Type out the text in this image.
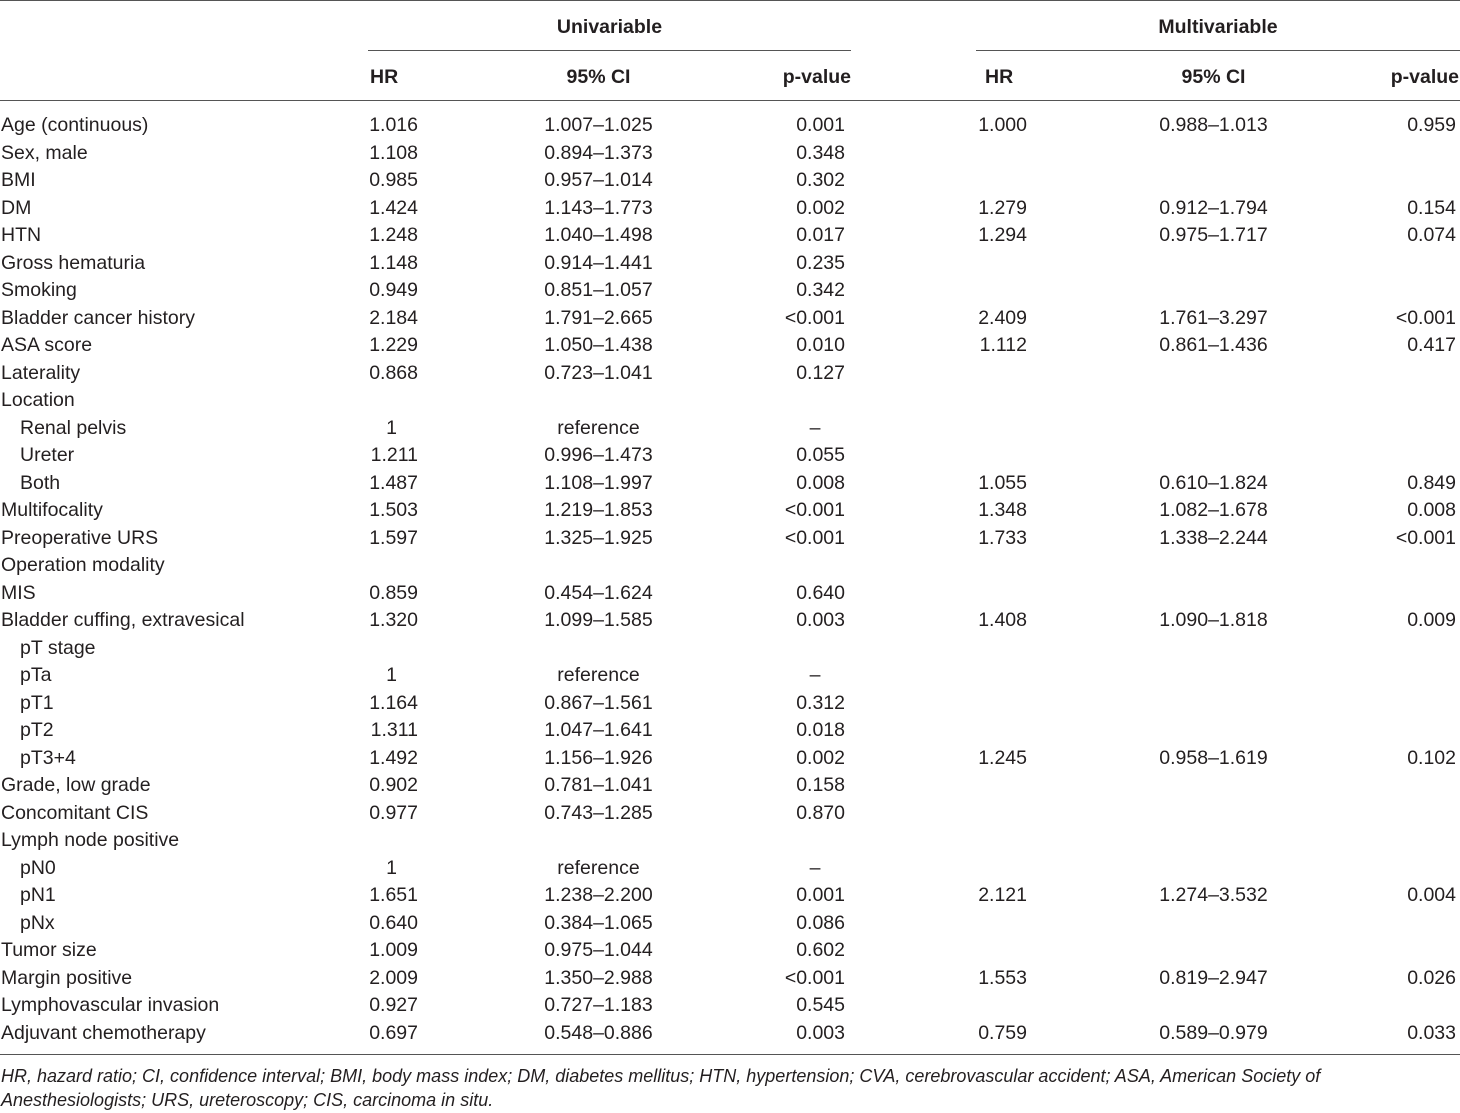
Univariable	Multivariable
HR	95% CI	p-value	HR	95% CI	p-value
Age (continuous)	1.016	1.007–1.025	0.001	1.000	0.988–1.013	0.959
Sex, male	1.108	0.894–1.373	0.348
BMI	0.985	0.957–1.014	0.302
DM	1.424	1.143–1.773	0.002	1.279	0.912–1.794	0.154
HTN	1.248	1.040–1.498	0.017	1.294	0.975–1.717	0.074
Gross hematuria	1.148	0.914–1.441	0.235
Smoking	0.949	0.851–1.057	0.342
Bladder cancer history	2.184	1.791–2.665	<0.001	2.409	1.761–3.297	<0.001
ASA score	1.229	1.050–1.438	0.010	1.112	0.861–1.436	0.417
Laterality	0.868	0.723–1.041	0.127
Location
Renal pelvis	1	reference	–
Ureter	1.211	0.996–1.473	0.055
Both	1.487	1.108–1.997	0.008	1.055	0.610–1.824	0.849
Multifocality	1.503	1.219–1.853	<0.001	1.348	1.082–1.678	0.008
Preoperative URS	1.597	1.325–1.925	<0.001	1.733	1.338–2.244	<0.001
Operation modality
MIS	0.859	0.454–1.624	0.640
Bladder cuffing, extravesical	1.320	1.099–1.585	0.003	1.408	1.090–1.818	0.009
pT stage
pTa	1	reference	–
pT1	1.164	0.867–1.561	0.312
pT2	1.311	1.047–1.641	0.018
pT3+4	1.492	1.156–1.926	0.002	1.245	0.958–1.619	0.102
Grade, low grade	0.902	0.781–1.041	0.158
Concomitant CIS	0.977	0.743–1.285	0.870
Lymph node positive
pN0	1	reference	–
pN1	1.651	1.238–2.200	0.001	2.121	1.274–3.532	0.004
pNx	0.640	0.384–1.065	0.086
Tumor size	1.009	0.975–1.044	0.602
Margin positive	2.009	1.350–2.988	<0.001	1.553	0.819–2.947	0.026
Lymphovascular invasion	0.927	0.727–1.183	0.545
Adjuvant chemotherapy	0.697	0.548–0.886	0.003	0.759	0.589–0.979	0.033
HR, hazard ratio; CI, confidence interval; BMI, body mass index; DM, diabetes mellitus; HTN, hypertension; CVA, cerebrovascular accident; ASA, American Society of Anesthesiologists; URS, ureteroscopy; CIS, carcinoma in situ.
